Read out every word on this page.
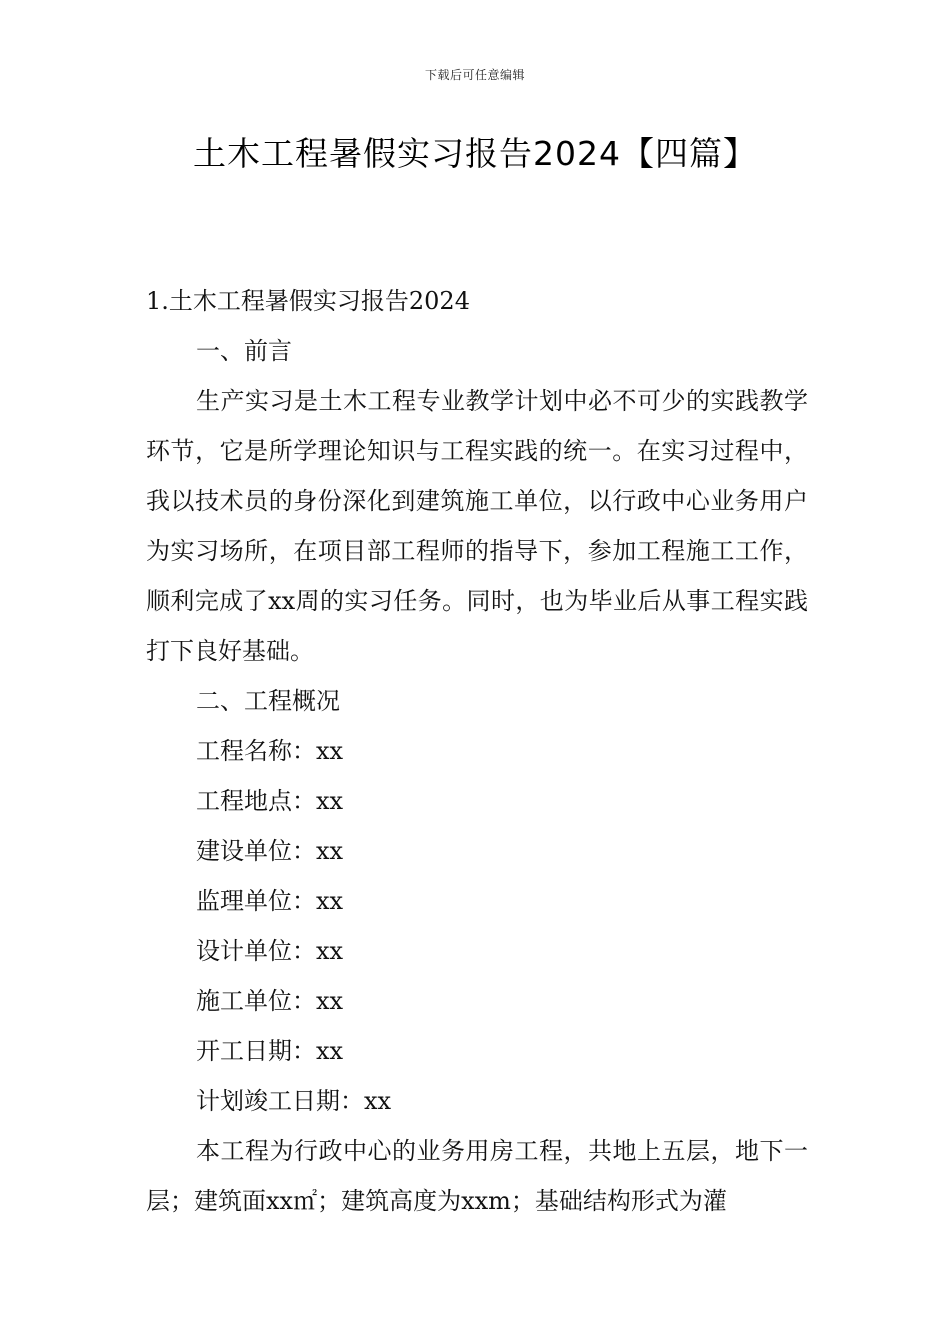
下载后可任意编辑
土木工程暑假实习报告2024【四篇】

1.土木工程暑假实习报告2024

一、前言

生产实习是土木工程专业教学计划中必不可少的实践教学环节，它是所学理论知识与工程实践的统一。在实习过程中，我以技术员的身份深化到建筑施工单位，以行政中心业务用户为实习场所，在项目部工程师的指导下，参加工程施工工作，顺利完成了xx周的实习任务。同时，也为毕业后从事工程实践打下良好基础。

二、工程概况

工程名称：xx

工程地点：xx

建设单位：xx

监理单位：xx

设计单位：xx

施工单位：xx

开工日期：xx

计划竣工日期：xx

本工程为行政中心的业务用房工程，共地上五层，地下一层；建筑面xx㎡；建筑高度为xxm；基础结构形式为灌
